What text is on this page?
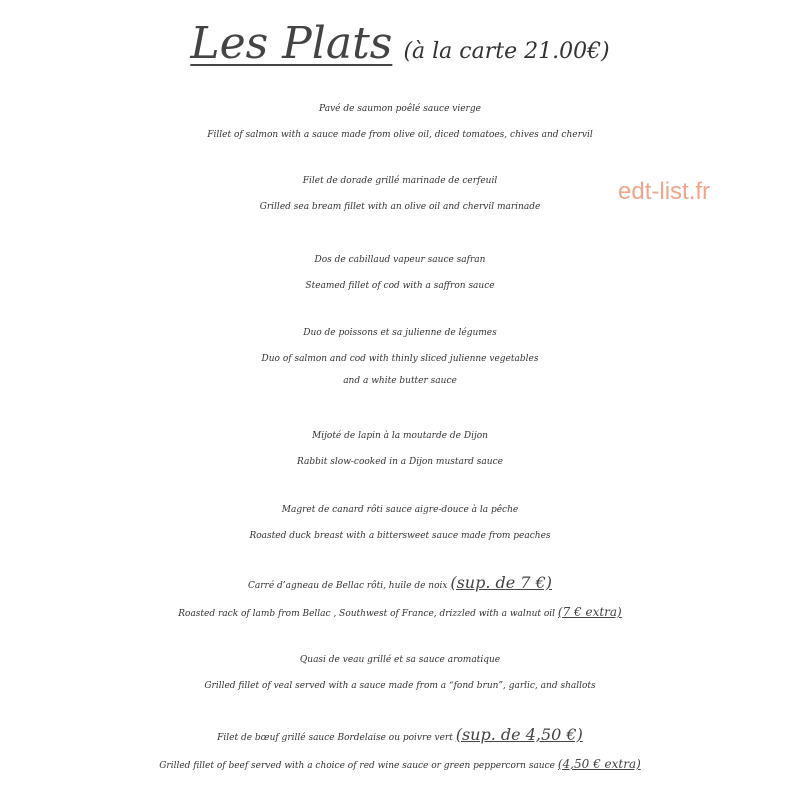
Les Plats (à la carte 21.00€)
Pavé de saumon poêlé sauce vierge
Fillet of salmon with a sauce made from olive oil, diced tomatoes, chives and chervil
Filet de dorade grillé marinade de cerfeuil
Grilled sea bream fillet with an olive oil and chervil marinade
Dos de cabillaud vapeur sauce safran
Steamed fillet of cod with a saffron sauce
Duo de poissons et sa julienne de légumes
Duo of salmon and cod with thinly sliced julienne vegetables
and a white butter sauce
Mijoté de lapin à la moutarde de Dijon
Rabbit slow-cooked in a Dijon mustard sauce
Magret de canard rôti sauce aigre-douce à la pêche
Roasted duck breast with a bittersweet sauce made from peaches
Carré d’agneau de Bellac rôti, huile de noix (sup. de 7 €)
Roasted rack of lamb from Bellac , Southwest of France, drizzled with a walnut oil (7 € extra)
Quasi de veau grillé et sa sauce aromatique
Grilled fillet of veal served with a sauce made from a “fond brun”, garlic, and shallots
Filet de bœuf grillé sauce Bordelaise ou poivre vert (sup. de 4,50 €)
Grilled fillet of beef served with a choice of red wine sauce or green peppercorn sauce (4,50 € extra)
edt-list.fr
